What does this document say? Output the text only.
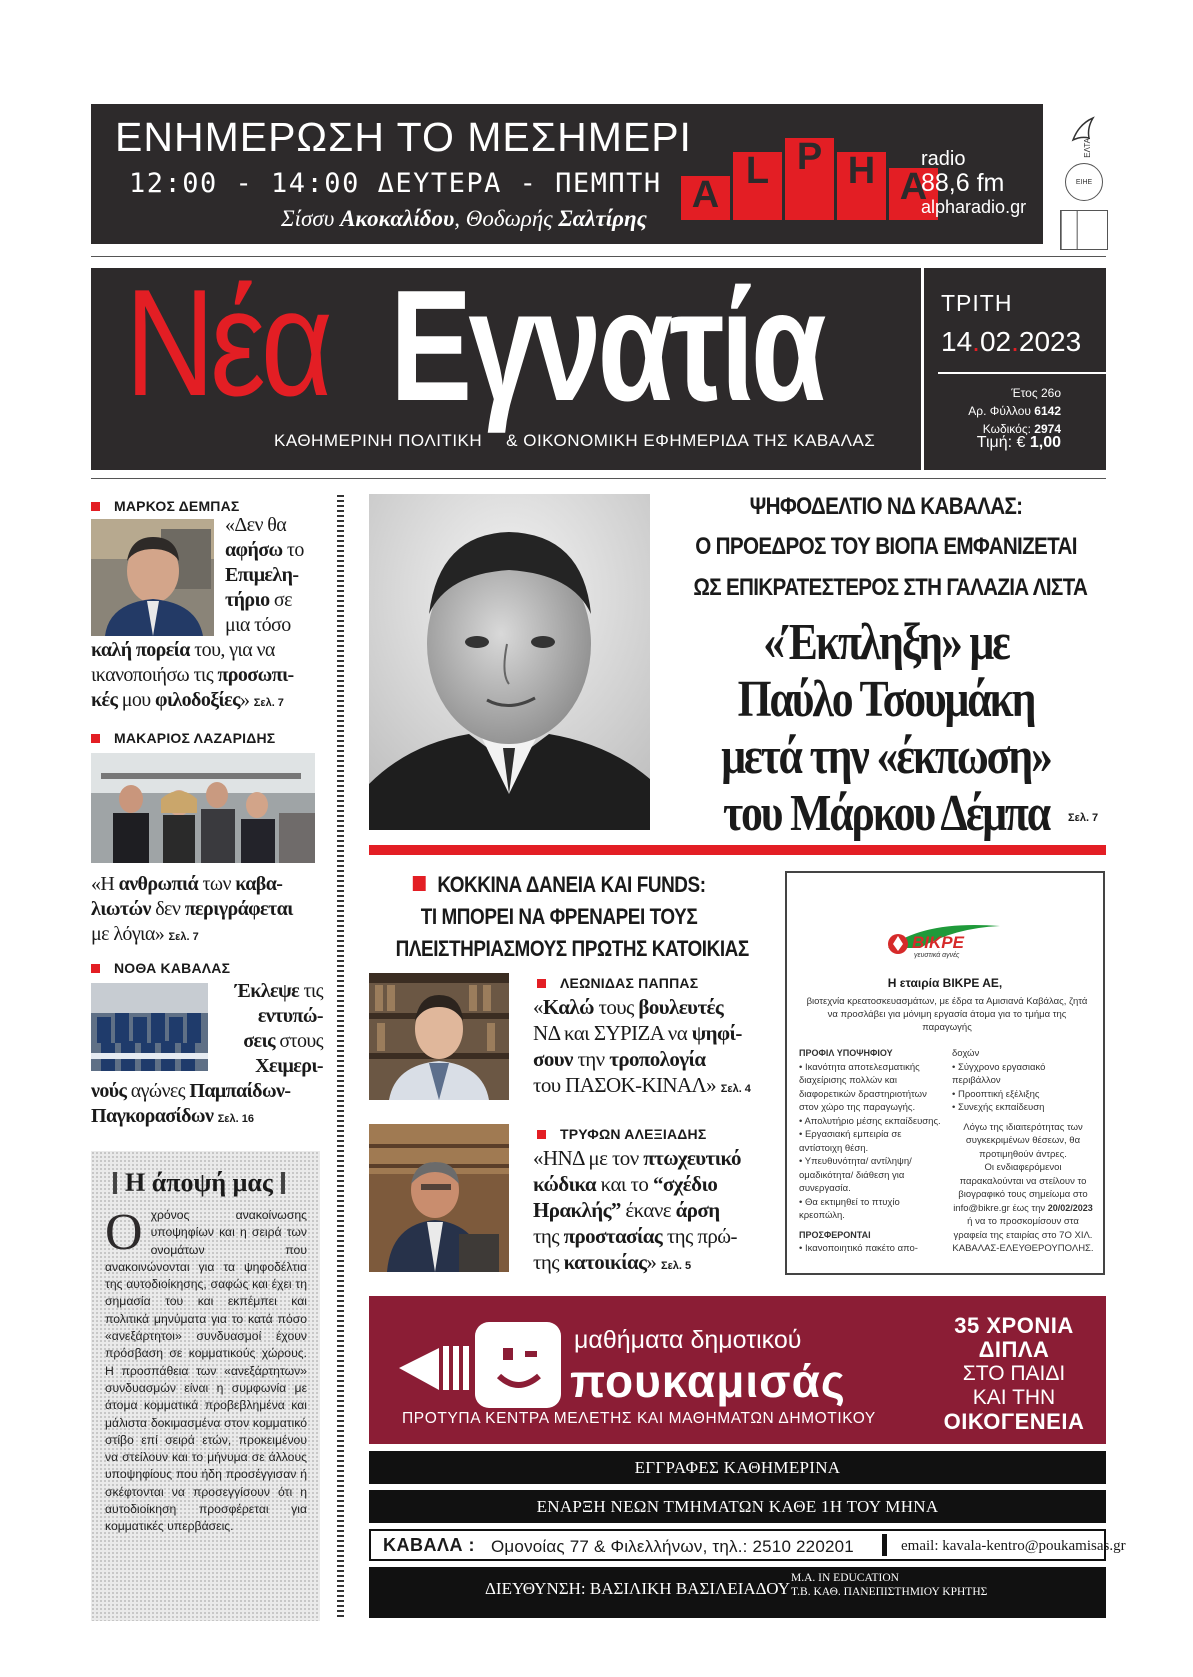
ΕΝΗΜΕΡΩΣΗ ΤΟ ΜΕΣΗΜΕΡΙ
12:00 - 14:00 ΔΕΥΤΕΡΑ - ΠΕΜΠΤΗ
Σίσσυ Ακοκαλίδου, Θοδωρής Σαλτίρης
A
L P H A
radio
88,6 fm
alpharadio.gr
ΕΛΤΑ
ΕΙΗΕ
Νέα Εγνατία
ΚΑΘΗΜΕΡΙΝΗ ΠΟΛΙΤΙΚΗ & ΟΙΚΟΝΟΜΙΚΗ ΕΦΗΜΕΡΙΔΑ ΤΗΣ ΚΑΒΑΛΑΣ
ΤΡΙΤΗ
14.02.2023
Έτος 26ο
Αρ. Φύλλου 6142
Κωδικός: 2974
Τιμή: € 1,00
ΜΑΡΚΟΣ ΔΕΜΠΑΣ
«Δεν θα
αφήσω το
Επιμελη-
τήριο σε
μια τόσο
καλή πορεία του, για να
ικανοποιήσω τις προσωπι-
κές μου φιλοδοξίες» Σελ. 7
ΜΑΚΑΡΙΟΣ ΛΑΖΑΡΙΔΗΣ
«Η ανθρωπιά των καβα-
λιωτών δεν περιγράφεται
με λόγια» Σελ. 7
ΝΟΘΑ ΚΑΒΑΛΑΣ
Έκλεψε τις
εντυπώ-
σεις στους
Χειμερι-
νούς αγώνες Παμπαίδων-
Παγκορασίδων Σελ. 16
Η άποψή μας
Οχρόνος ανακοίνωσης υποψηφίων και η σειρά των ονομάτων που ανακοινώνονται για τα ψηφοδέλτια της αυτοδιοίκησης, σαφώς και έχει τη σημασία του και εκπέμπει και πολιτικά μηνύματα για το κατά πόσο «ανεξάρτητοι» συνδυασμοί έχουν πρόσβαση σε κομματικούς χώρους. Η προσπάθεια των «ανεξάρτητων» συνδυασμών είναι η συμφωνία με άτομα κομματικά προβεβλημένα και μάλιστα δοκιμασμένα στον κομματικό στίβο επί σειρά ετών, προκειμένου να στείλουν και το μήνυμα σε άλλους υποψηφίους που ήδη προσέγγισαν ή σκέφτονται να προσεγγίσουν ότι η αυτοδιοίκηση προσφέρεται για κομματικές υπερβάσεις.
ΨΗΦΟΔΕΛΤΙΟ ΝΔ ΚΑΒΑΛΑΣ:
Ο ΠΡΟΕΔΡΟΣ ΤΟΥ ΒΙΟΠΑ ΕΜΦΑΝΙΖΕΤΑΙ
ΩΣ ΕΠΙΚΡΑΤΕΣΤΕΡΟΣ ΣΤΗ ΓΑΛΑΖΙΑ ΛΙΣΤΑ
«Έκπληξη» με
Παύλο Τσουμάκη
μετά την «έκπωση»
του Μάρκου Δέμπα	Σελ. 7
ΚΟΚΚΙΝΑ ΔΑΝΕΙΑ ΚΑΙ FUNDS:
ΤΙ ΜΠΟΡΕΙ ΝΑ ΦΡΕΝΑΡΕΙ ΤΟΥΣ
ΠΛΕΙΣΤΗΡΙΑΣΜΟΥΣ ΠΡΩΤΗΣ ΚΑΤΟΙΚΙΑΣ
ΛΕΩΝΙΔΑΣ ΠΑΠΠΑΣ
«Καλώ τους βουλευτές
ΝΔ και ΣΥΡΙΖΑ να ψηφί-
σουν την τροπολογία
του ΠΑΣΟΚ-ΚΙΝΑΛ» Σελ. 4
ΤΡΥΦΩΝ ΑΛΕΞΙΑΔΗΣ
«ΗΝΔ με τον πτωχευτικό
κώδικα και το “σχέδιο
Ηρακλής” έκανε άρση
της προστασίας της πρώ-
της κατοικίας» Σελ. 5
ΒΙΚΡΕ
γευστικά αγνές
Η εταιρία ΒΙΚΡΕ ΑΕ,
βιοτεχνία κρεατοσκευασμάτων, με έδρα τα Αμισιανά Καβάλας, ζητά να προσλάβει για μόνιμη εργασία άτομα για το τμήμα της παραγωγής
ΠΡΟΦΙΛ ΥΠΟΨΗΦΙΟΥ
• Ικανότητα αποτελεσματικής διαχείρισης πολλών και διαφορετικών δραστηριοτήτων στον χώρο της παραγωγής.
• Απολυτήριο μέσης εκπαίδευσης.
• Εργασιακή εμπειρία σε αντίστοιχη θέση.
• Υπευθυνότητα/ αντίληψη/ ομαδικότητα/ διάθεση για συνεργασία.
• Θα εκτιμηθεί το πτυχίο κρεοπώλη.
ΠΡΟΣΦΕΡΟΝΤΑΙ
• Ικανοποιητικό πακέτο απο-
δοχών
• Σύγχρονο εργασιακό περιβάλλον
• Προοπτική εξέλιξης
• Συνεχής εκπαίδευση
Λόγω της ιδιαιτερότητας των συγκεκριμένων θέσεων, θα προτιμηθούν άντρες.
Οι ενδιαφερόμενοι παρακαλούνται να στείλουν το βιογραφικό τους σημείωμα στο info@bikre.gr έως την 20/02/2023 ή να το προσκομίσουν στα γραφεία της εταιρίας στο 7Ο ΧΙΛ. ΚΑΒΑΛΑΣ-ΕΛΕΥΘΕΡΟΥΠΟΛΗΣ.
μαθήματα δημοτικού
πουκαμισάς
ΠΡΟΤΥΠΑ ΚΕΝΤΡΑ ΜΕΛΕΤΗΣ ΚΑΙ ΜΑΘΗΜΑΤΩΝ ΔΗΜΟΤΙΚΟΥ
35 ΧΡΟΝΙΑ
ΔΙΠΛΑ
ΣΤΟ ΠΑΙΔΙ
ΚΑΙ ΤΗΝ
ΟΙΚΟΓΕΝΕΙΑ
ΕΓΓΡΑΦΕΣ ΚΑΘΗΜΕΡΙΝΑ
ΕΝΑΡΞΗ ΝΕΩΝ ΤΜΗΜΑΤΩΝ ΚΑΘΕ 1Η ΤΟΥ ΜΗΝΑ
ΚΑΒΑΛΑ : Ομονοίας 77 & Φιλελλήνων, τηλ.: 2510 220201	email: kavala-kentro@poukamisas.gr
ΔΙΕΥΘΥΝΣΗ: ΒΑΣΙΛΙΚΗ ΒΑΣΙΛΕΙΑΔΟΥ
M.A. IN EDUCATION
Τ.Β. ΚΑΘ. ΠΑΝΕΠΙΣΤΗΜΙΟΥ ΚΡΗΤΗΣ
